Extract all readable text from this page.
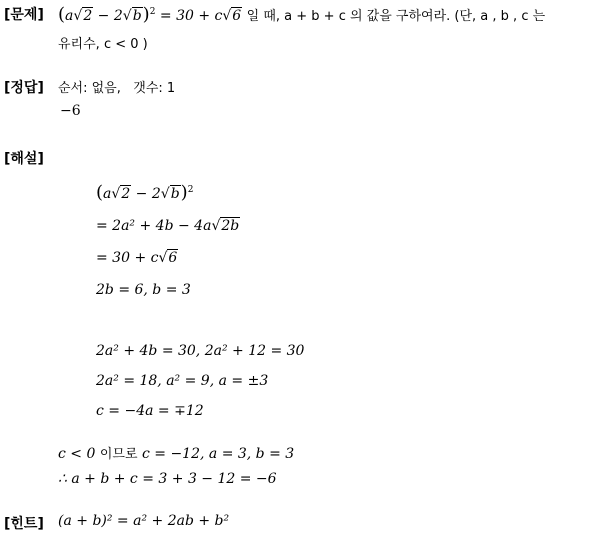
[문제] $(a√2 - 2√b)^2 = 30 + c√6$ 일 때, a + b + c 의 값을 구하여라. (단, a , b , c 는
유리수, c < 0 )
[정답] 순서: 없음, 갯수: 1
−6
[해설]
$(a√2 - 2√b)^2$
= 2a² + 4b − 4a√2b
= 30 + c√6
2b = 6, b = 3
2a² + 4b = 30, 2a² + 12 = 30
2a² = 18, a² = 9, a = ±3
c = −4a = ∓12
c < 0 이므로 c = −12, a = 3, b = 3
∴ a + b + c = 3 + 3 − 12 = −6
[힌트] (a + b)² = a² + 2ab + b²
